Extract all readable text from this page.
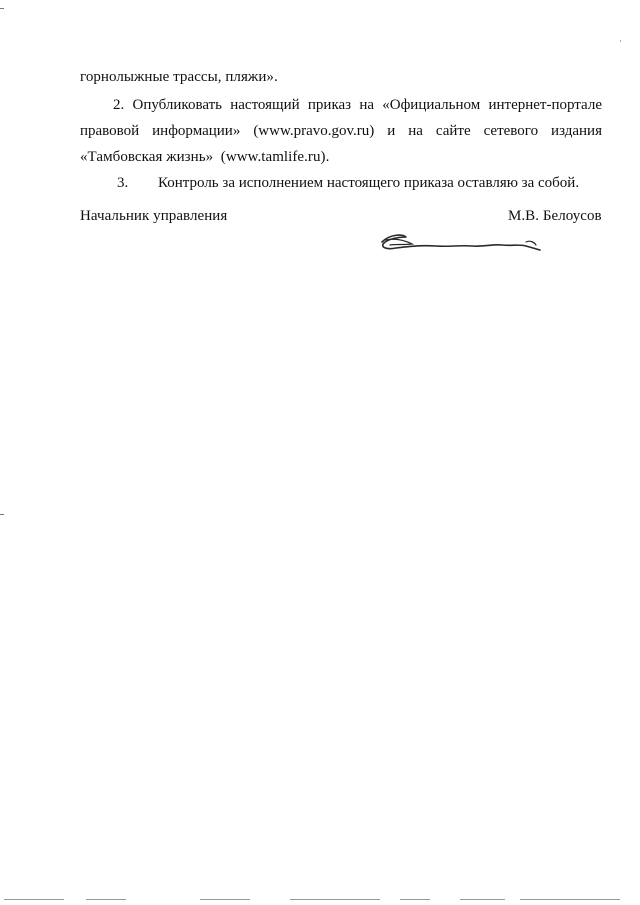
горнолыжные трассы, пляжи».
2. Опубликовать настоящий приказ на «Официальном интернет-портале
правовой информации» (www.pravo.gov.ru) и на сайте сетевого издания
«Тамбовская жизнь»  (www.tamlife.ru).
3. Контроль за исполнением настоящего приказа оставляю за собой.
Начальник управления	М.В. Белоусов
